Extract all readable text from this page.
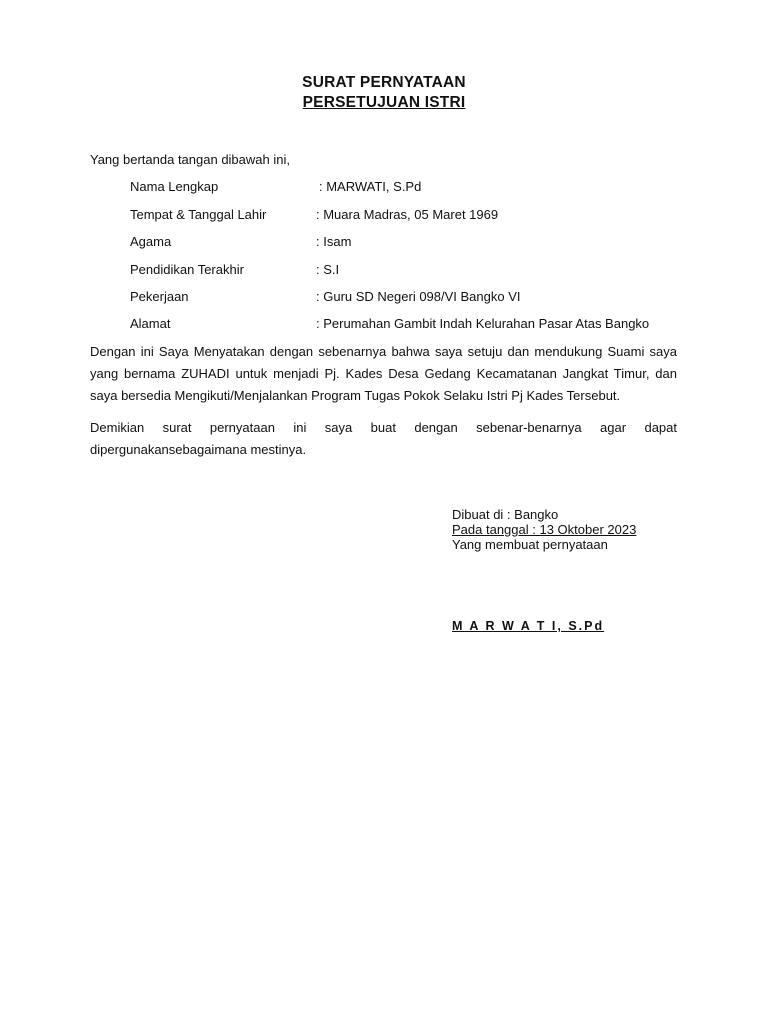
SURAT PERNYATAAN
PERSETUJUAN ISTRI
Yang bertanda tangan dibawah ini,
Nama Lengkap	: MARWATI, S.Pd
Tempat & Tanggal Lahir	: Muara Madras, 05 Maret 1969
Agama	: Isam
Pendidikan Terakhir	: S.I
Pekerjaan	: Guru SD Negeri 098/VI Bangko VI
Alamat	: Perumahan Gambit Indah Kelurahan Pasar Atas Bangko
Dengan ini Saya Menyatakan dengan sebenarnya bahwa saya setuju dan mendukung Suami saya yang bernama ZUHADI untuk menjadi Pj. Kades Desa Gedang Kecamatanan Jangkat Timur, dan saya bersedia Mengikuti/Menjalankan Program Tugas Pokok Selaku Istri Pj Kades Tersebut.
Demikian surat pernyataan ini saya buat dengan sebenar-benarnya agar dapat dipergunakansebagaimana mestinya.
Dibuat di : Bangko
Pada tanggal : 13 Oktober 2023
Yang membuat pernyataan
M A R W A T I, S.Pd
